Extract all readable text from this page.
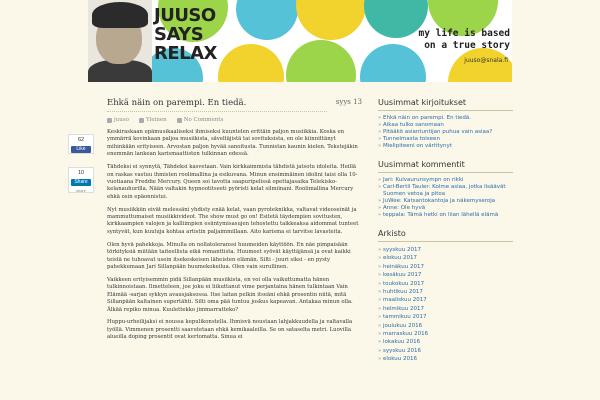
JUUSO
SAYS
RELAX
my life is based
on a true story
juuso@snala.fi
62
Like
10
Share
share
Ehkä näin on parempi. En tiedä.	syys 13
juuso	Yleinen	No Comments

Keskiraskaan epämusikaaliseksi ihmiseksi kuuntelen erittäin paljon musiikkia. Koska en ymmärrä kovinkaan paljoa musiikista, säveltäjistä tai sovituksista, en ole kiinnittänyt mihinkään erityiseen. Arvostan paljon hyvää sanoitusta. Tunnistan kaunin kielen. Tekstejäkin enemmän lankean karismaattisten tulkinnan edessä.

Tähdeksi ei synnytä, Tähdeksi kasvetaan. Vain kirkkaimmista tähdistä jatsotu idoleita. Heillä on raskas vastuu ihmisten roolimallina ja esikuvana. Minun ensimmäinen idolini taisi olla 10-vuotiaana Freddie Mercury. Queen soi tavotta saapuripelissä opettajasaika Telekisko-kelanauhurilla. Nään valtakin hypnootitseeti pyöristi kelat silmiinani. Roolimallina Mercury ehkä osin epäonnistui.

Nyt musiikkiin eivät melessäni yhdisty enää kelat, vaan pyroteknikka, valtavat videoseinät ja mammuttumaiset musiikkivideot. The show must go on! Esitetä täydempien sovitusten, kirkkaampien valojen ja kalliimpien esiintymisasujen tehostettu taikkeaksa aidommat tunteet syntyvät, kun kuuluja kohtaa artistin paljaimmillaan. Aito karisma ei tarvitse lavasteita.

Olen hyvä pahekkoja. Minulla on nollatoleranssi huumeiden käyttöön. En näe pimpaisään törkityksiä miitään taiteellista eikä romanttista. Huumeet syövät käyttäjänsä ja ovat kaikki teistä ne tuhoavat usein itsekeskeisen läheisten elämän. Silti - juuri siksi - en pysty pahekkumaan Jari Sillanpään huumekokeilua. Olen vain surullinen.

Vaikkeen erityisemmin pidä Sillanpään musiikista, en voi olla vaikuttumatta hänen tulkinnoistaan. Ilmetteleen, joe joku ei liikuttanut vime perjantaina hänen tulkintaan Vain Elämää -sarjan sykkyn avausjaksossa. Itse laitan pelkin itseäni ehkä prosentin niitä, mitä Sillanpään kaltainen supertähti. Silti oma pää tuntuu joskus kapeavan. Antakaa minun olla. Älkää repiko minua. Kuulettekko jimmarratteko?

Huppu-urheilijaksi ei noussa kepulikonstella. Ihmisvä noustaan lahjakkuudella ja valtavalla työllä. Vimmenen prosentti saavutetaan ehkä kemikaaleilla. Se on sataselta metri. Luovilla alueilla doping prosentit ovat kertomatta. Sinua ei

Uusimmat kirjoitukset
» Ehkä näin on parempi. En tiedä.
» Aikaa tulko sanomaan
» Pitääkö asiantuntijan puhua vain asiaa?
» Tunnelmasta toiseen
» Mielipiteeni on värittynyt
Uusimmat kommentit
» Jari: Kuivaurunsympn on rikki
» Carl-Bertil Tauler: Kolme asiaa, jotka lisäävät Suomen vetoa ja pitoa
» JuWee: Katsantokantoja ja näkemyseroja
» Anne: Ole hyvä
» teppala: Tämä hetki on liian lähellä elämä
Arkisto
» syyskuu 2017
» elokuu 2017
» heinäkuu 2017
» kesäkuu 2017
» toukokuu 2017
» huhtikuu 2017
» maaliskuu 2017
» helmikuu 2017
» tammikuu 2017
» joulukuu 2016
» marraskuu 2016
» lokakuu 2016
» syyskuu 2016
» elokuu 2016
